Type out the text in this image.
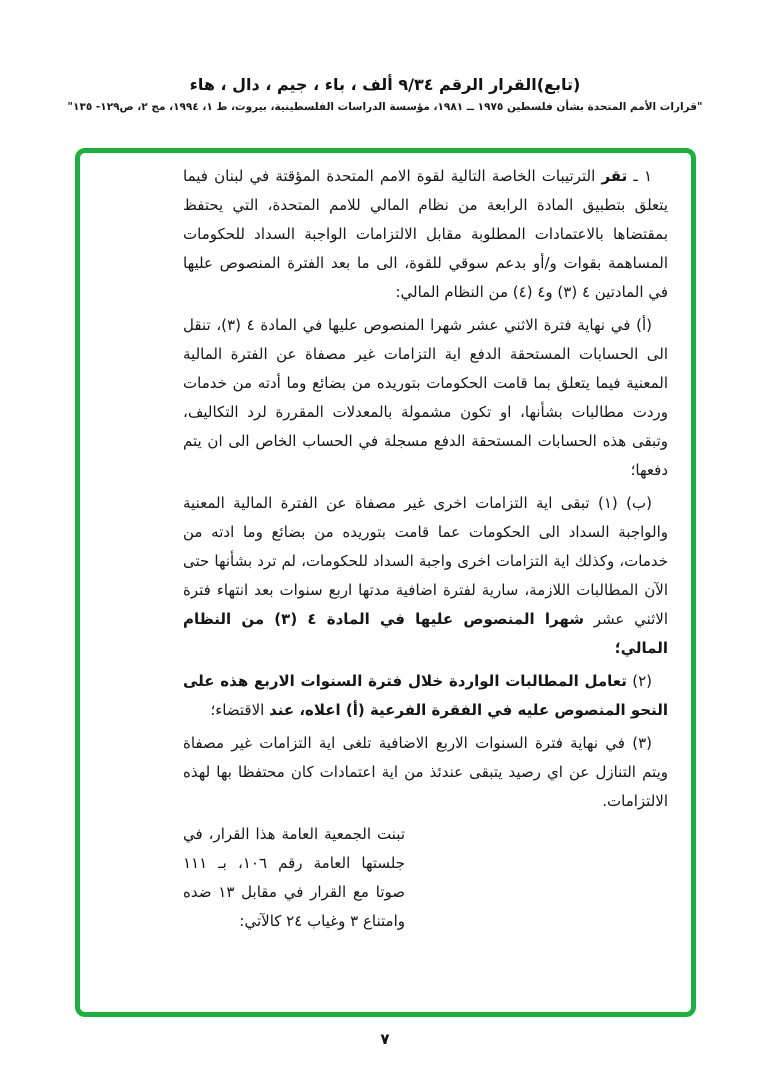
(تابع)القرار الرقم ٩/٣٤ ألف ، باء ، جيم ، دال ، هاء
"قرارات الأمم المتحدة بشأن فلسطين ١٩٧٥ ــ ١٩٨١، مؤسسة الدراسات الفلسطينية، بيروت، ط ١، ١٩٩٤، مج ٢، ص١٢٩- ١٣٥"

١ ـ تقر الترتيبات الخاصة التالية لقوة الامم المتحدة المؤقتة في لبنان فيما يتعلق بتطبيق المادة الرابعة من نظام المالي للامم المتحدة، التي يحتفظ بمقتضاها بالاعتمادات المطلوبة مقابل الالتزامات الواجبة السداد للحكومات المساهمة بقوات و/أو بدعم سوقي للقوة، الى ما بعد الفترة المنصوص عليها في المادتين ٤ (٣) و٤ (٤) من النظام المالي:

(أ) في نهاية فترة الاثني عشر شهرا المنصوص عليها في المادة ٤ (٣)، تنقل الى الحسابات المستحقة الدفع اية التزامات غير مصفاة عن الفترة المالية المعنية فيما يتعلق بما قامت الحكومات بتوريده من بضائع وما أدته من خدمات وردت مطالبات بشأنها، او تكون مشمولة بالمعدلات المقررة لرد التكاليف، وتبقى هذه الحسابات المستحقة الدفع مسجلة في الحساب الخاص الى ان يتم دفعها؛

(ب) (١) تبقى اية التزامات اخرى غير مصفاة عن الفترة المالية المعنية والواجبة السداد الى الحكومات عما قامت بتوريده من بضائع وما ادته من خدمات، وكذلك اية التزامات اخرى واجبة السداد للحكومات، لم ترد بشأنها حتى الآن المطالبات اللازمة، سارية لفترة اضافية مدتها اربع سنوات بعد انتهاء فترة الاثني عشر شهرا المنصوص عليها في المادة ٤ (٣) من النظام المالي؛

(٢) تعامل المطالبات الواردة خلال فترة السنوات الاربع هذه على النحو المنصوص عليه في الفقرة الفرعية (أ) اعلاه، عند الاقتضاء؛

(٣) في نهاية فترة السنوات الاربع الاضافية تلغى اية التزامات غير مصفاة ويتم التنازل عن اي رصيد يتبقى عندئذ من اية اعتمادات كان محتفظا بها لهذه الالتزامات.

تبنت الجمعية العامة هذا القرار، في جلستها العامة رقم ١٠٦، بـ ١١١ صوتا مع القرار في مقابل ١٣ ضده وامتناع ٣ وغياب ٢٤ كالآتي:

٧
